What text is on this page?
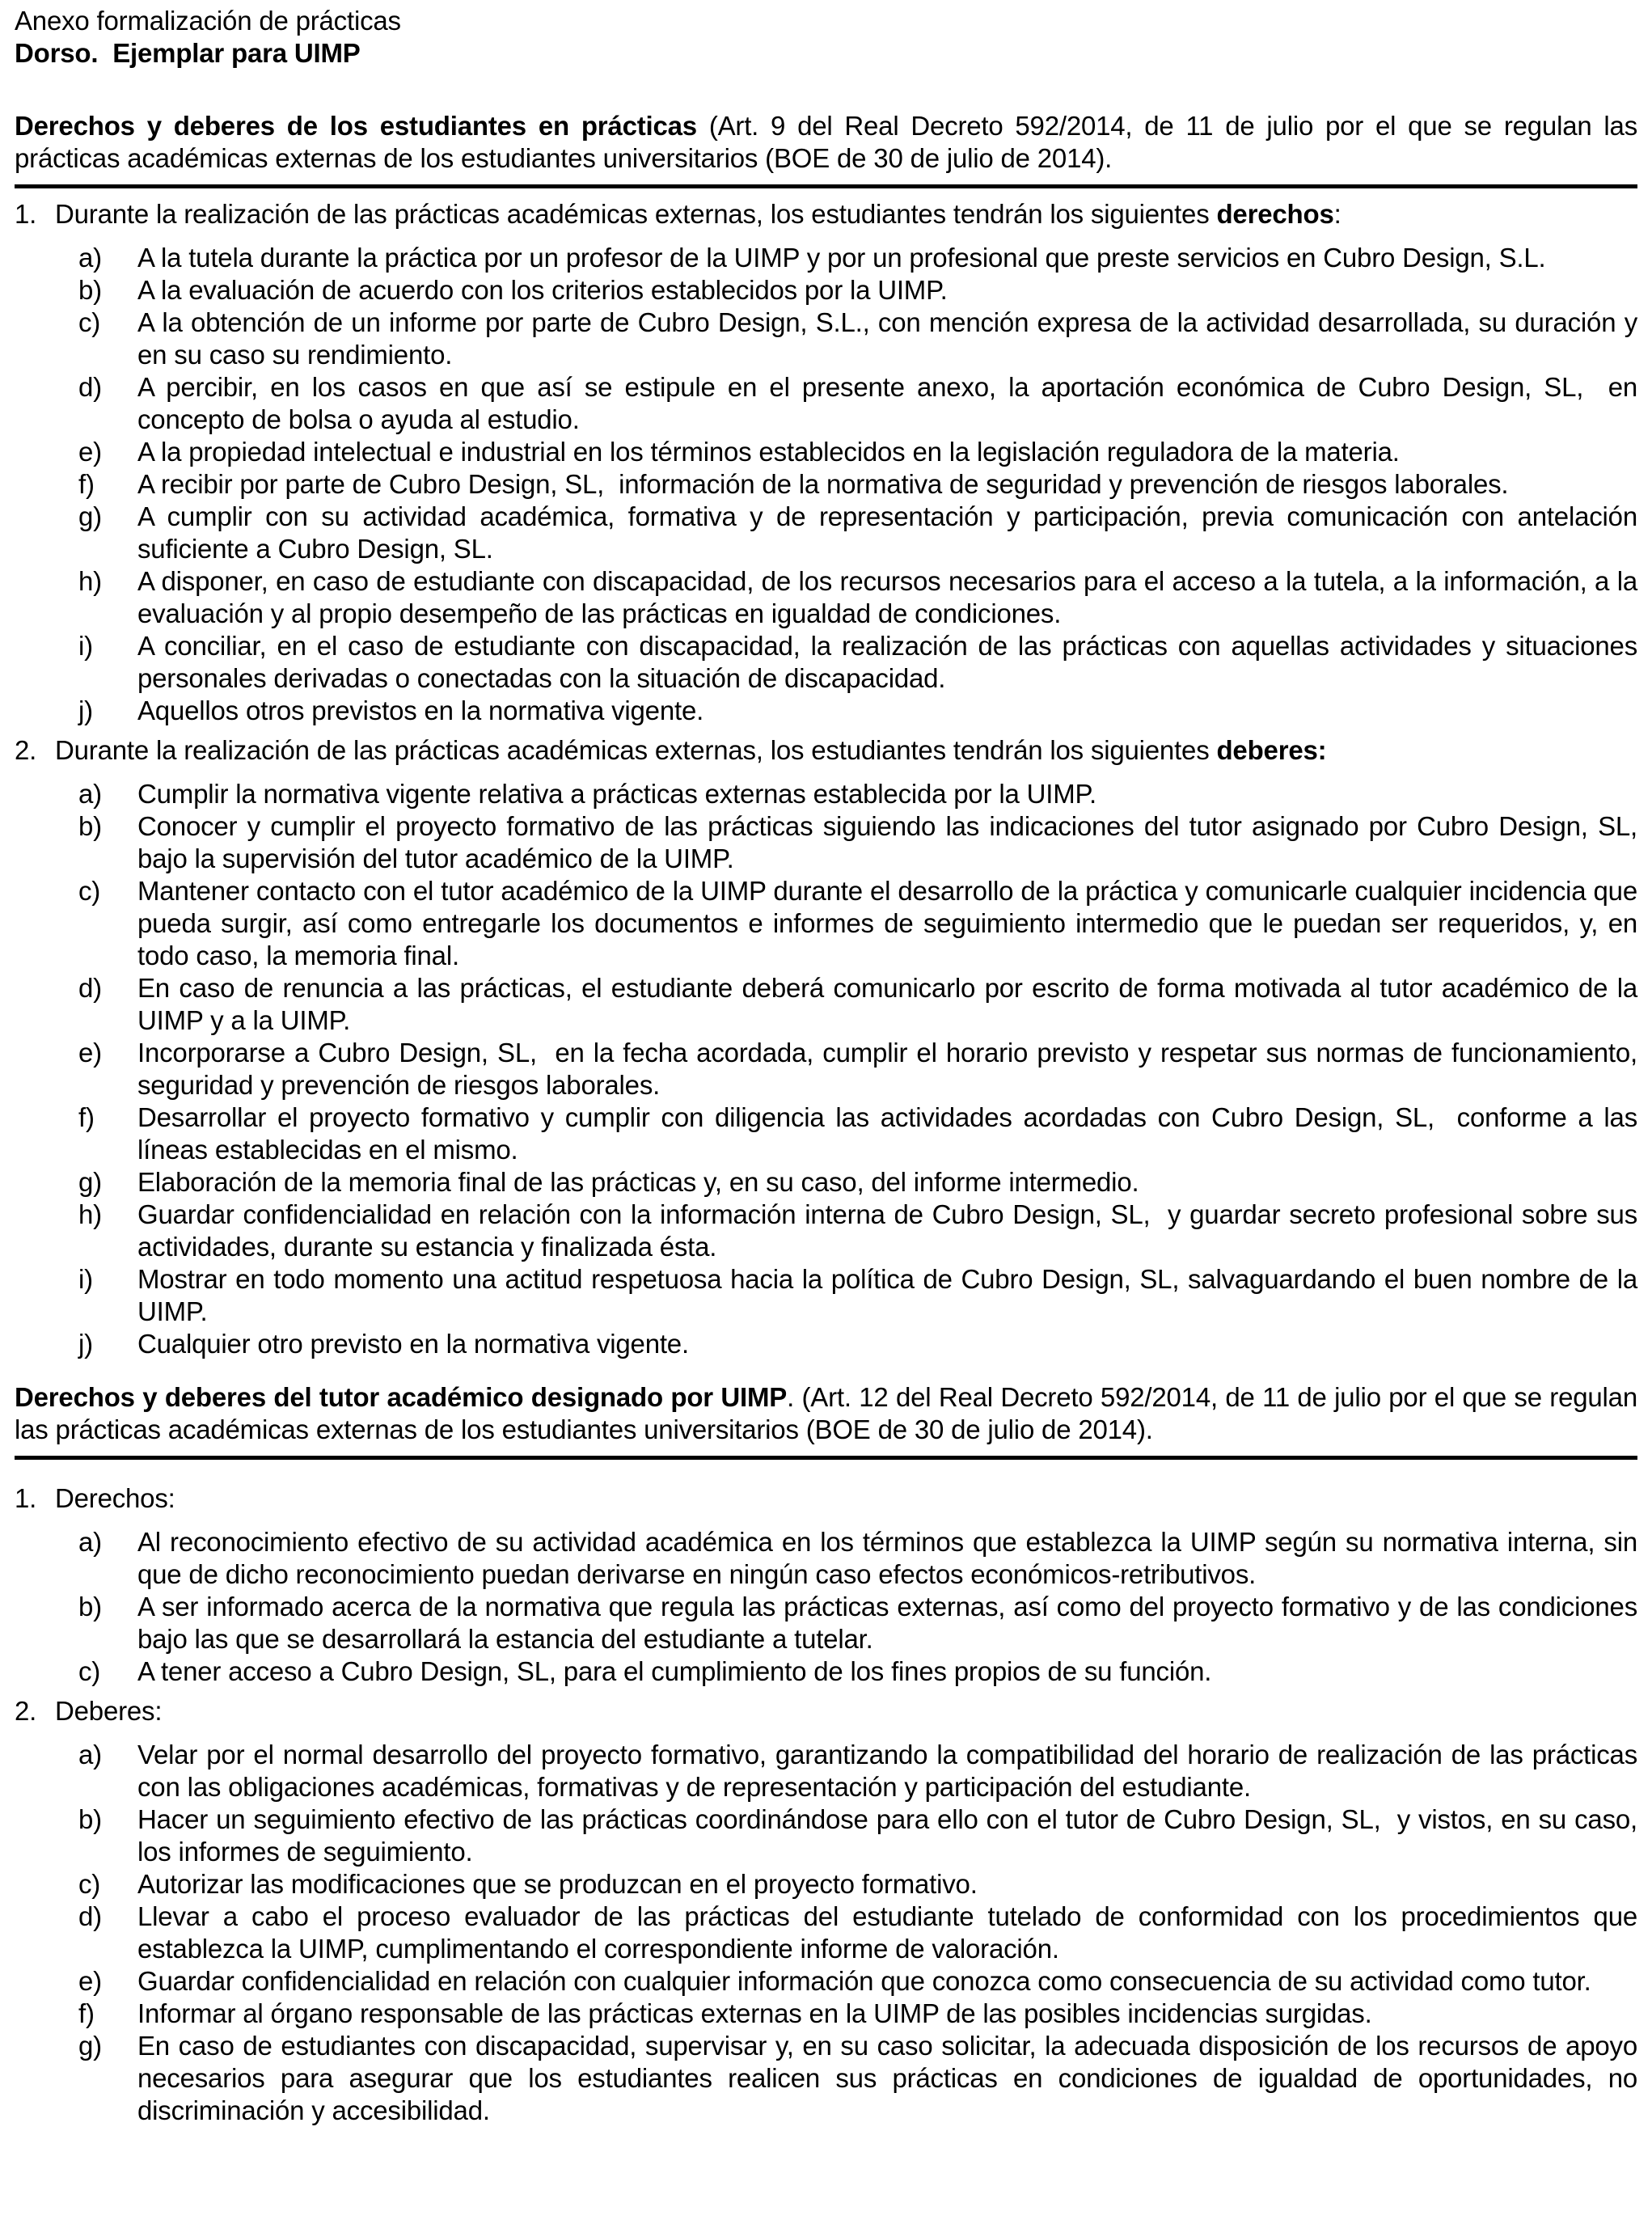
Anexo formalización de prácticas
Dorso.  Ejemplar para UIMP

Derechos y deberes de los estudiantes en prácticas (Art. 9 del Real Decreto 592/2014, de 11 de julio por el que se regulan las prácticas académicas externas de los estudiantes universitarios (BOE de 30 de julio de 2014).

1. Durante la realización de las prácticas académicas externas, los estudiantes tendrán los siguientes derechos:
a) A la tutela durante la práctica por un profesor de la UIMP y por un profesional que preste servicios en Cubro Design, S.L.
b) A la evaluación de acuerdo con los criterios establecidos por la UIMP.
c) A la obtención de un informe por parte de Cubro Design, S.L., con mención expresa de la actividad desarrollada, su duración y en su caso su rendimiento.
d) A percibir, en los casos en que así se estipule en el presente anexo, la aportación económica de Cubro Design, SL,  en concepto de bolsa o ayuda al estudio.
e) A la propiedad intelectual e industrial en los términos establecidos en la legislación reguladora de la materia.
f) A recibir por parte de Cubro Design, SL,  información de la normativa de seguridad y prevención de riesgos laborales.
g) A cumplir con su actividad académica, formativa y de representación y participación, previa comunicación con antelación suficiente a Cubro Design, SL.
h) A disponer, en caso de estudiante con discapacidad, de los recursos necesarios para el acceso a la tutela, a la información, a la evaluación y al propio desempeño de las prácticas en igualdad de condiciones.
i) A conciliar, en el caso de estudiante con discapacidad, la realización de las prácticas con aquellas actividades y situaciones personales derivadas o conectadas con la situación de discapacidad.
j) Aquellos otros previstos en la normativa vigente.
2. Durante la realización de las prácticas académicas externas, los estudiantes tendrán los siguientes deberes:
a) Cumplir la normativa vigente relativa a prácticas externas establecida por la UIMP.
b) Conocer y cumplir el proyecto formativo de las prácticas siguiendo las indicaciones del tutor asignado por Cubro Design, SL, bajo la supervisión del tutor académico de la UIMP.
c) Mantener contacto con el tutor académico de la UIMP durante el desarrollo de la práctica y comunicarle cualquier incidencia que pueda surgir, así como entregarle los documentos e informes de seguimiento intermedio que le puedan ser requeridos, y, en todo caso, la memoria final.
d) En caso de renuncia a las prácticas, el estudiante deberá comunicarlo por escrito de forma motivada al tutor académico de la UIMP y a la UIMP.
e) Incorporarse a Cubro Design, SL,  en la fecha acordada, cumplir el horario previsto y respetar sus normas de funcionamiento, seguridad y prevención de riesgos laborales.
f) Desarrollar el proyecto formativo y cumplir con diligencia las actividades acordadas con Cubro Design, SL,  conforme a las líneas establecidas en el mismo.
g) Elaboración de la memoria final de las prácticas y, en su caso, del informe intermedio.
h) Guardar confidencialidad en relación con la información interna de Cubro Design, SL,  y guardar secreto profesional sobre sus actividades, durante su estancia y finalizada ésta.
i) Mostrar en todo momento una actitud respetuosa hacia la política de Cubro Design, SL, salvaguardando el buen nombre de la UIMP.
j) Cualquier otro previsto en la normativa vigente.

Derechos y deberes del tutor académico designado por UIMP. (Art. 12 del Real Decreto 592/2014, de 11 de julio por el que se regulan las prácticas académicas externas de los estudiantes universitarios (BOE de 30 de julio de 2014).

1. Derechos:
a) Al reconocimiento efectivo de su actividad académica en los términos que establezca la UIMP según su normativa interna, sin que de dicho reconocimiento puedan derivarse en ningún caso efectos económicos-retributivos.
b) A ser informado acerca de la normativa que regula las prácticas externas, así como del proyecto formativo y de las condiciones bajo las que se desarrollará la estancia del estudiante a tutelar.
c) A tener acceso a Cubro Design, SL, para el cumplimiento de los fines propios de su función.
2. Deberes:
a) Velar por el normal desarrollo del proyecto formativo, garantizando la compatibilidad del horario de realización de las prácticas con las obligaciones académicas, formativas y de representación y participación del estudiante.
b) Hacer un seguimiento efectivo de las prácticas coordinándose para ello con el tutor de Cubro Design, SL,  y vistos, en su caso, los informes de seguimiento.
c) Autorizar las modificaciones que se produzcan en el proyecto formativo.
d) Llevar a cabo el proceso evaluador de las prácticas del estudiante tutelado de conformidad con los procedimientos que establezca la UIMP, cumplimentando el correspondiente informe de valoración.
e) Guardar confidencialidad en relación con cualquier información que conozca como consecuencia de su actividad como tutor.
f) Informar al órgano responsable de las prácticas externas en la UIMP de las posibles incidencias surgidas.
g) En caso de estudiantes con discapacidad, supervisar y, en su caso solicitar, la adecuada disposición de los recursos de apoyo necesarios para asegurar que los estudiantes realicen sus prácticas en condiciones de igualdad de oportunidades, no discriminación y accesibilidad.
